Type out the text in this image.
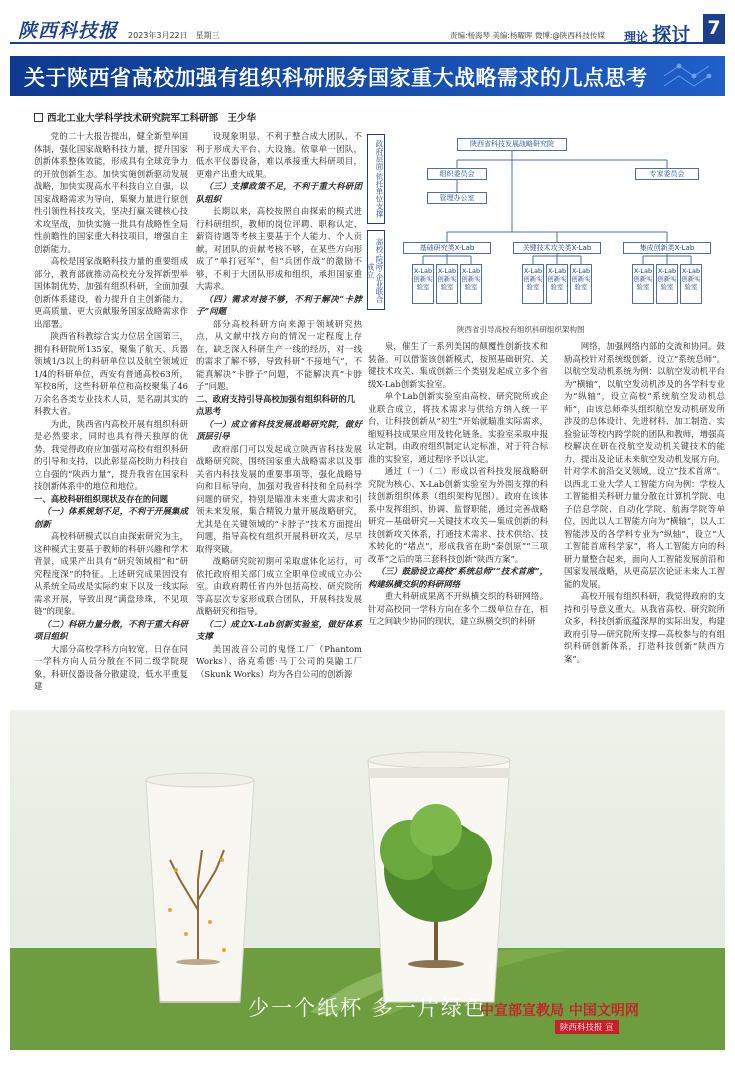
陕西科技报 2023年3月22日　星期三	责编:杨海琴 美编:杨曜晖 微博:@陕西科技传媒 理论 探讨 7
关于陕西省高校加强有组织科研服务国家重大战略需求的几点思考
西北工业大学科学技术研究院军工科研部　王少华

党的二十大报告提出，健全新型举国体制，强化国家战略科技力量，提升国家创新体系整体效能，形成具有全球竞争力的开放创新生态。加快实施创新驱动发展战略，加快实现高水平科技自立自强，以国家战略需求为导向，集聚力量进行原创性引领性科技攻关，坚决打赢关键核心技术攻坚战，加快实施一批具有战略性全局性前瞻性的国家重大科技项目，增强自主创新能力。

高校是国家战略科技力量的重要组成部分，教育部就推动高校充分发挥新型举国体制优势，加强有组织科研，全面加强创新体系建设，着力提升自主创新能力，更高质量、更大贡献服务国家战略需求作出部署。

陕西省科教综合实力位居全国第三，拥有科研院所135家，聚集了航天、兵器领域1/3以上的科研单位以及航空领域近1/4的科研单位，西安有普通高校63所，军校8所，这些科研单位和高校聚集了46万余名各类专业技术人员，是名副其实的科教大省。

为此，陕西省内高校开展有组织科研是必然要求，同时也具有得天独厚的优势，我觉得政府应加强对高校有组织科研的引导和支持，以此彰显高校助力科技自立自强的“陕西力量”，提升我省在国家科技创新体系中的地位和地位。

一、高校科研组织现状及存在的问题

（一）体系规划不足，不利于开展集成创新

高校科研模式以自由探索研究为主，这种模式主要基于教师的科研兴趣和学术背景，成果产出具有“研究领域相”和“研究程度深”的特征。上述研究成果因没有从系统全局或是实际约束下以及一线实际需求开展，导致出现“满盘珍珠，不见项链”的现象。

（二）科研力量分散，不利于重大科研项目组织

大部分高校学科方向较宽，日存在同一学科方向人员分散在不同二级学院现象，科研仪器设备分散建设，低水平重复建

设现象明显，不利于整合成大团队，不利于形成大平台、大设施。依靠单一团队，低水平仪器设备，难以承接重大科研项目，更难产出重大成果。

（三）支撑政策不足，不利于重大科研团队组织

长期以来，高校按照自由探索的模式进行科研组织，教师的岗位评聘、职称认定、薪资待遇等考核主要基于个人能力、个人贡献，对团队的贡献考核不够，在某些方向形成了“单打冠军”，但“兵团作战”的激励不够，不利于大团队形成和组织，承担国家重大需求。

（四）需求对接不够，不利于解决“卡脖子”问题

部分高校科研方向来源于领域研究热点，从文献中找方向的情况一定程度上存在，缺乏深入科研生产一线的经历，对一线的需求了解不够，导致科研“不接地气”，不能真解决“卡脖子”问题，不能解决真“卡脖子”问题。

二、政府支持引导高校加强有组织科研的几点思考

（一）成立省科技发展战略研究院，做好顶层引导

政府部门可以发起成立陕西省科技发展战略研究院，围绕国家重大战略需求以及事关省内科技发展的重要事项等，强化战略导向和目标导向，加强对我省科技和全局科学问题的研究，特别是瞄准未来重大需求和引领未来发展，集合精锐力量开展战略研究，尤其是在关键领域的“卡脖子”技术方面提出问题，指导高校有组织开展科研攻关，尽早取得突破。

战略研究院初期可采取虚体化运行，可依托政府相关部门成立全职单位或成立办公室。由政府聘任省内外包括高校、研究院所等高层次专家形成联合团队，开展科技发展战略研究和指导。

（二）成立X-Lab创新实验室，做好体系支撑

美国波音公司的鬼怪工厂（Phantom Works）、洛克希德·马丁公司的臭鼬工厂（Skunk Works）均为各自公司的创新源

泉，催生了一系列美国的颠覆性创新技术和装备。可以借鉴该创新模式，按照基础研究、关键技术攻关、集成创新三个类别发起成立多个省级X-Lab创新实验室。

单个Lab创新实验室由高校、研究院所或企业联合成立，将技术需求与供给方纳入统一平台，让科技创新从“初生”开始就瞄准实际需求，缩短科技成果应用及转化链条。实验室采取申报认定制，由政府组织制定认定标准，对于符合标准的实验室，通过程序予以认定。

通过（一）（二）形成以省科技发展战略研究院为核心、X-Lab创新实验室为外围支撑的科技创新组织体系（组织架构见图）。政府在该体系中发挥组织、协调、监督职能，通过完善战略研究—基础研究—关键技术攻关—集成创新的科技创新攻关体系，打通技术需求、技术供给、技术转化的“堵点”，形成我省在助“秦创原”“三项改革”之后的第三套科技创新“陕西方案”。

（三）鼓励设立高校“系统总师”“技术首席”，构建纵横交织的科研网络

重大科研成果离不开纵横交织的科研网络。针对高校同一学科方向在多个二级单位存在，相互之间缺少协同的现状，建立纵横交织的科研

网络，加强网络内部的交流和协同。鼓励高校针对系统级创新，设立“系统总师”。以航空发动机系统为例：以航空发动机平台为“横轴”，以航空发动机涉及的各学科专业为“纵轴”，设立高校“系统航空发动机总师”，由该总师牵头组织航空发动机研发所涉及的总体设计、先进材料、加工制造、实验验证等校内跨学院的团队和教师，增强高校解决在研在役航空发动机关键技术的能力，提出及论证未来航空发动机发展方向。针对学术前沿交叉领域，设立“技术首席”。以西北工业大学人工智能方向为例：学校人工智能相关科研力量分散在计算机学院、电子信息学院、自动化学院、航海学院等单位，因此以人工智能方向为“横轴”，以人工智能涉及的各学科专业为“纵轴”，设立“人工智能首席科学家”，将人工智能方向的科研力量整合起来，面向人工智能发展前沿和国家发展战略，从更高层次论证未来人工智能的发展。

高校开展有组织科研，我觉得政府的支持和引导意义重大。从我省高校、研究院所众多，科技创新底蕴深厚的实际出发，构建政府引导—研究院所支撑—高校参与的有组织科研创新体系，打造科技创新“陕西方案”。

政府层面·依托单位支撑
高校·院所·企业联合成立
陕西省科技发展战略研究院
组织委员会
管理办公室
专家委员会
基础研究类X-Lab	关键技术攻关类X-Lab	集成创新类X-Lab
X-Lab 创新实验室
X-Lab 创新实验室
X-Lab 创新实验室
X-Lab 创新实验室
X-Lab 创新实验室
X-Lab 创新实验室
X-Lab 创新实验室
X-Lab 创新实验室
X-Lab 创新实验室
陕西省引导高校有组织科研组织架构图
少一个纸杯 多一片绿色
中宣部宣教局 中国文明网
陕西科技报 宣
